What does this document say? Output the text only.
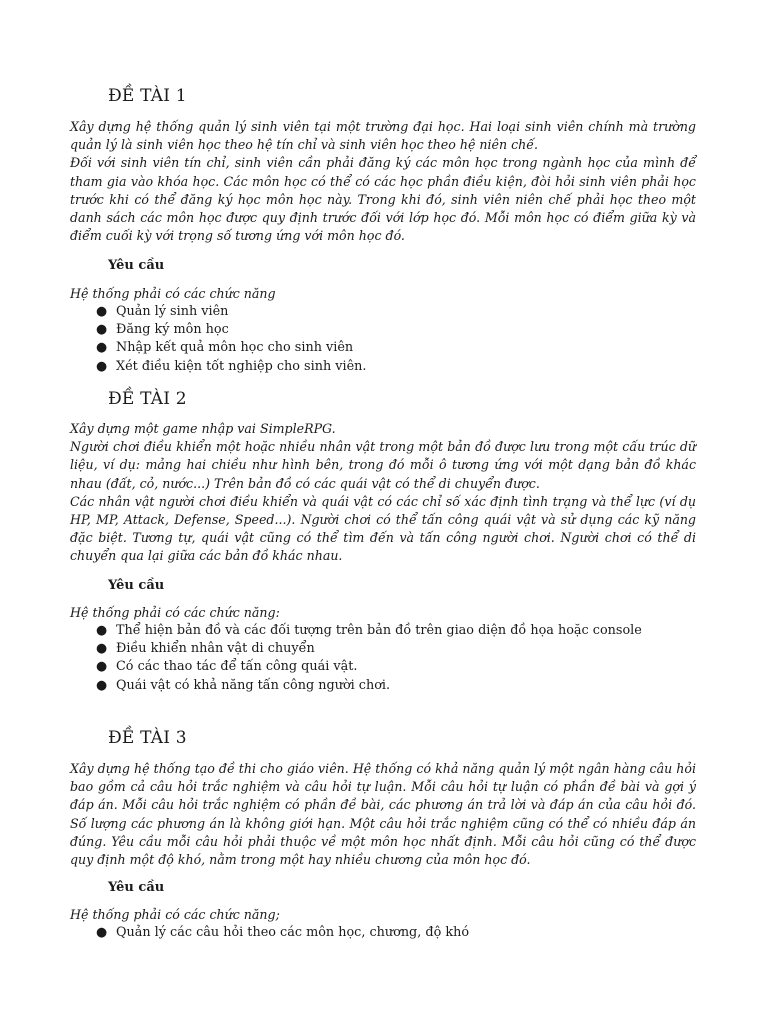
ĐỀ TÀI 1

Xây dựng hệ thống quản lý sinh viên tại một trường đại học. Hai loại sinh viên chính mà trường quản lý là sinh viên học theo hệ tín chỉ và sinh viên học theo hệ niên chế.

Đối với sinh viên tín chỉ, sinh viên cần phải đăng ký các môn học trong ngành học của mình để tham gia vào khóa học. Các môn học có thể có các học phần điều kiện, đòi hỏi sinh viên phải học trước khi có thể đăng ký học môn học này. Trong khi đó, sinh viên niên chế phải học theo một danh sách các môn học được quy định trước đối với lớp học đó. Mỗi môn học có điểm giữa kỳ và điểm cuối kỳ với trọng số tương ứng với môn học đó.

Yêu cầu

Hệ thống phải có các chức năng

● Quản lý sinh viên
● Đăng ký môn học
● Nhập kết quả môn học cho sinh viên
● Xét điều kiện tốt nghiệp cho sinh viên.
ĐỀ TÀI 2

Xây dựng một game nhập vai SimpleRPG.

Người chơi điều khiển một hoặc nhiều nhân vật trong một bản đồ được lưu trong một cấu trúc dữ liệu, ví dụ: mảng hai chiều như hình bên, trong đó mỗi ô tương ứng với một dạng bản đồ khác nhau (đất, cỏ, nước...) Trên bản đồ có các quái vật có thể di chuyển được.

Các nhân vật người chơi điều khiển và quái vật có các chỉ số xác định tình trạng và thể lực (ví dụ HP, MP, Attack, Defense, Speed...). Người chơi có thể tấn công quái vật và sử dụng các kỹ năng đặc biệt. Tương tự, quái vật cũng có thể tìm đến và tấn công người chơi. Người chơi có thể di chuyển qua lại giữa các bản đồ khác nhau.

Yêu cầu

Hệ thống phải có các chức năng:

● Thể hiện bản đồ và các đối tượng trên bản đồ trên giao diện đồ họa hoặc console
● Điều khiển nhân vật di chuyển
● Có các thao tác để tấn công quái vật.
● Quái vật có khả năng tấn công người chơi.
ĐỀ TÀI 3

Xây dựng hệ thống tạo đề thi cho giáo viên. Hệ thống có khả năng quản lý một ngân hàng câu hỏi bao gồm cả câu hỏi trắc nghiệm và câu hỏi tự luận. Mỗi câu hỏi tự luận có phần đề bài và gợi ý đáp án. Mỗi câu hỏi trắc nghiệm có phần đề bài, các phương án trả lời và đáp án của câu hỏi đó. Số lượng các phương án là không giới hạn. Một câu hỏi trắc nghiệm cũng có thể có nhiều đáp án đúng. Yêu cầu mỗi câu hỏi phải thuộc về một môn học nhất định. Mỗi câu hỏi cũng có thể được quy định một độ khó, nằm trong một hay nhiều chương của môn học đó.

Yêu cầu

Hệ thống phải có các chức năng;

● Quản lý các câu hỏi theo các môn học, chương, độ khó
